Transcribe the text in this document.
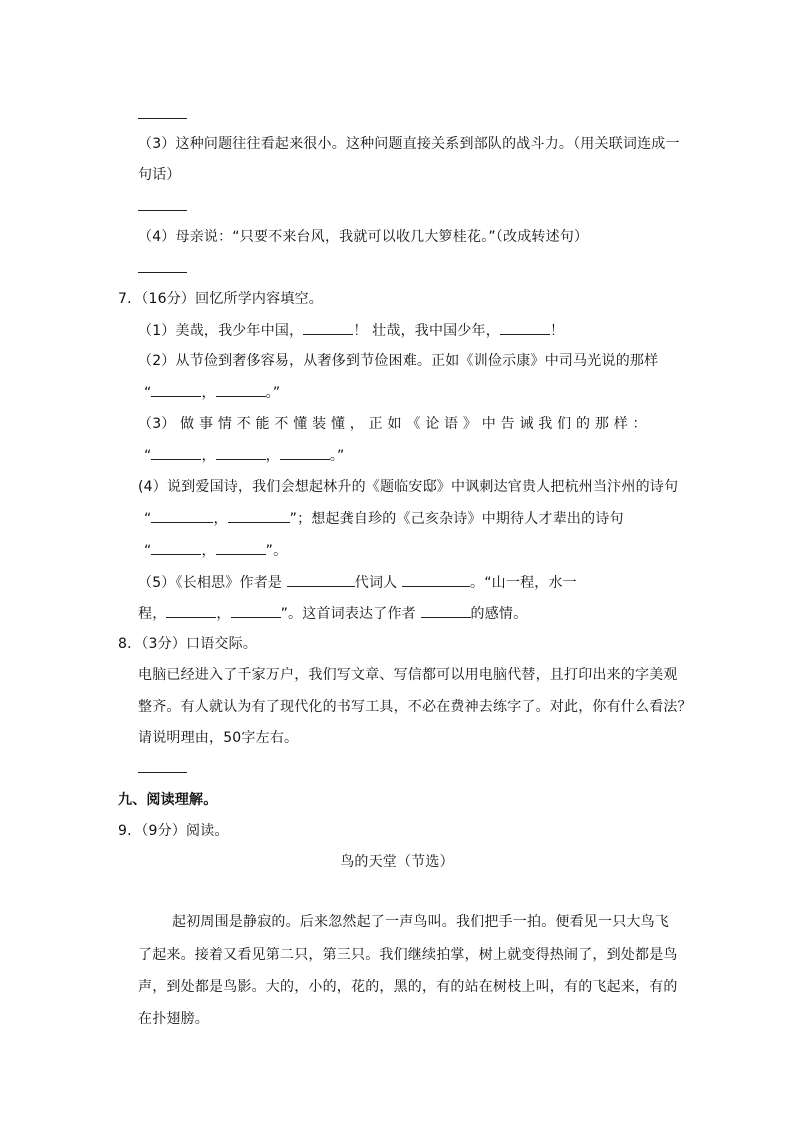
（3）这种问题往往看起来很小。这种问题直接关系到部队的战斗力。（用关联词连成一
句话）
（4）母亲说：“只要不来台风，我就可以收几大箩桂花。”（改成转述句）
7．（16分）回忆所学内容填空。
（1）美哉，我少年中国，	！ 壮哉，我中国少年，	！
（2）从节俭到奢侈容易，从奢侈到节俭困难。正如《训俭示康》中司马光说的那样
“	，	。”
（3） 做 事 情 不 能 不 懂 装 懂 ， 正 如 《 论 语 》 中 告 诫 我 们 的 那 样 ：
“	，	，	。”
(4）说到爱国诗，我们会想起林升的《题临安邸》中讽刺达官贵人把杭州当汴州的诗句
“	，	”；想起龚自珍的《己亥杂诗》中期待人才辈出的诗句
“	，	”。
（5）《长相思》作者是	代词人	。“山一程，水一
程，	，	”。这首词表达了作者	的感情。
8．（3分）口语交际。
电脑已经进入了千家万户，我们写文章、写信都可以用电脑代替，且打印出来的字美观
整齐。有人就认为有了现代化的书写工具，不必在费神去练字了。对此，你有什么看法？
请说明理由，50字左右。
九、阅读理解。
9．（9分）阅读。
鸟的天堂（节选）
起初周围是静寂的。后来忽然起了一声鸟叫。我们把手一拍。便看见一只大鸟飞
了起来。接着又看见第二只，第三只。我们继续拍掌，树上就变得热闹了，到处都是鸟
声，到处都是鸟影。大的，小的，花的，黑的，有的站在树枝上叫，有的飞起来，有的
在扑翅膀。
